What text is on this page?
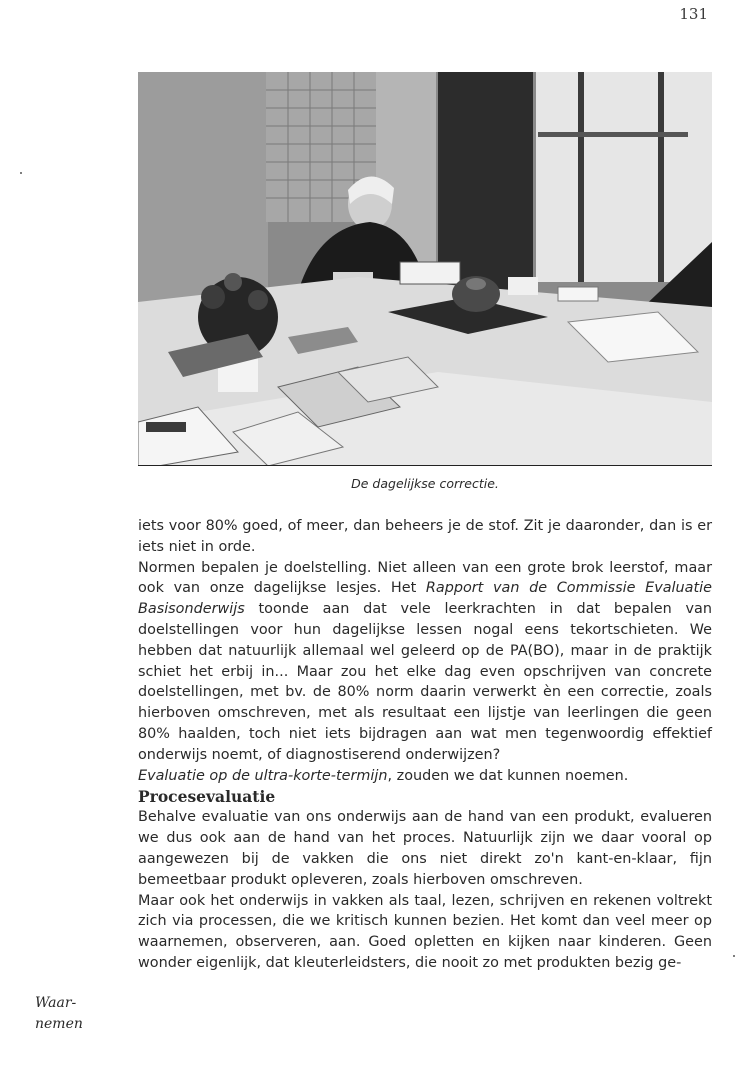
131
De dagelijkse correctie.

iets voor 80% goed, of meer, dan beheers je de stof. Zit je daaronder, dan is er iets niet in orde.

Normen bepalen je doelstelling. Niet alleen van een grote brok leerstof, maar ook van onze dagelijkse lesjes. Het Rapport van de Commissie Evaluatie Basisonderwijs toonde aan dat vele leerkrachten in dat bepalen van doelstellingen voor hun dagelijkse lessen nogal eens tekortschieten. We hebben dat natuurlijk allemaal wel geleerd op de PA(BO), maar in de praktijk schiet het erbij in... Maar zou het elke dag even opschrijven van concrete doelstellingen, met bv. de 80% norm daarin verwerkt èn een correctie, zoals hierboven omschreven, met als resultaat een lijstje van leerlingen die geen 80% haalden, toch niet iets bijdragen aan wat men tegenwoordig effektief onderwijs noemt, of diagnostiserend onderwijzen?

Evaluatie op de ultra-korte-termijn, zouden we dat kunnen noemen.

Procesevaluatie

Behalve evaluatie van ons onderwijs aan de hand van een produkt, evalueren we dus ook aan de hand van het proces. Natuurlijk zijn we daar vooral op aangewezen bij de vakken die ons niet direkt zo'n kant-en-klaar, fijn bemeetbaar produkt opleveren, zoals hierboven omschreven.

Maar ook het onderwijs in vakken als taal, lezen, schrijven en rekenen voltrekt zich via processen, die we kritisch kunnen bezien. Het komt dan veel meer op waarnemen, observeren, aan. Goed opletten en kijken naar kinderen. Geen wonder eigenlijk, dat kleuterleidsters, die nooit zo met produkten bezig ge-

Waar-
nemen
